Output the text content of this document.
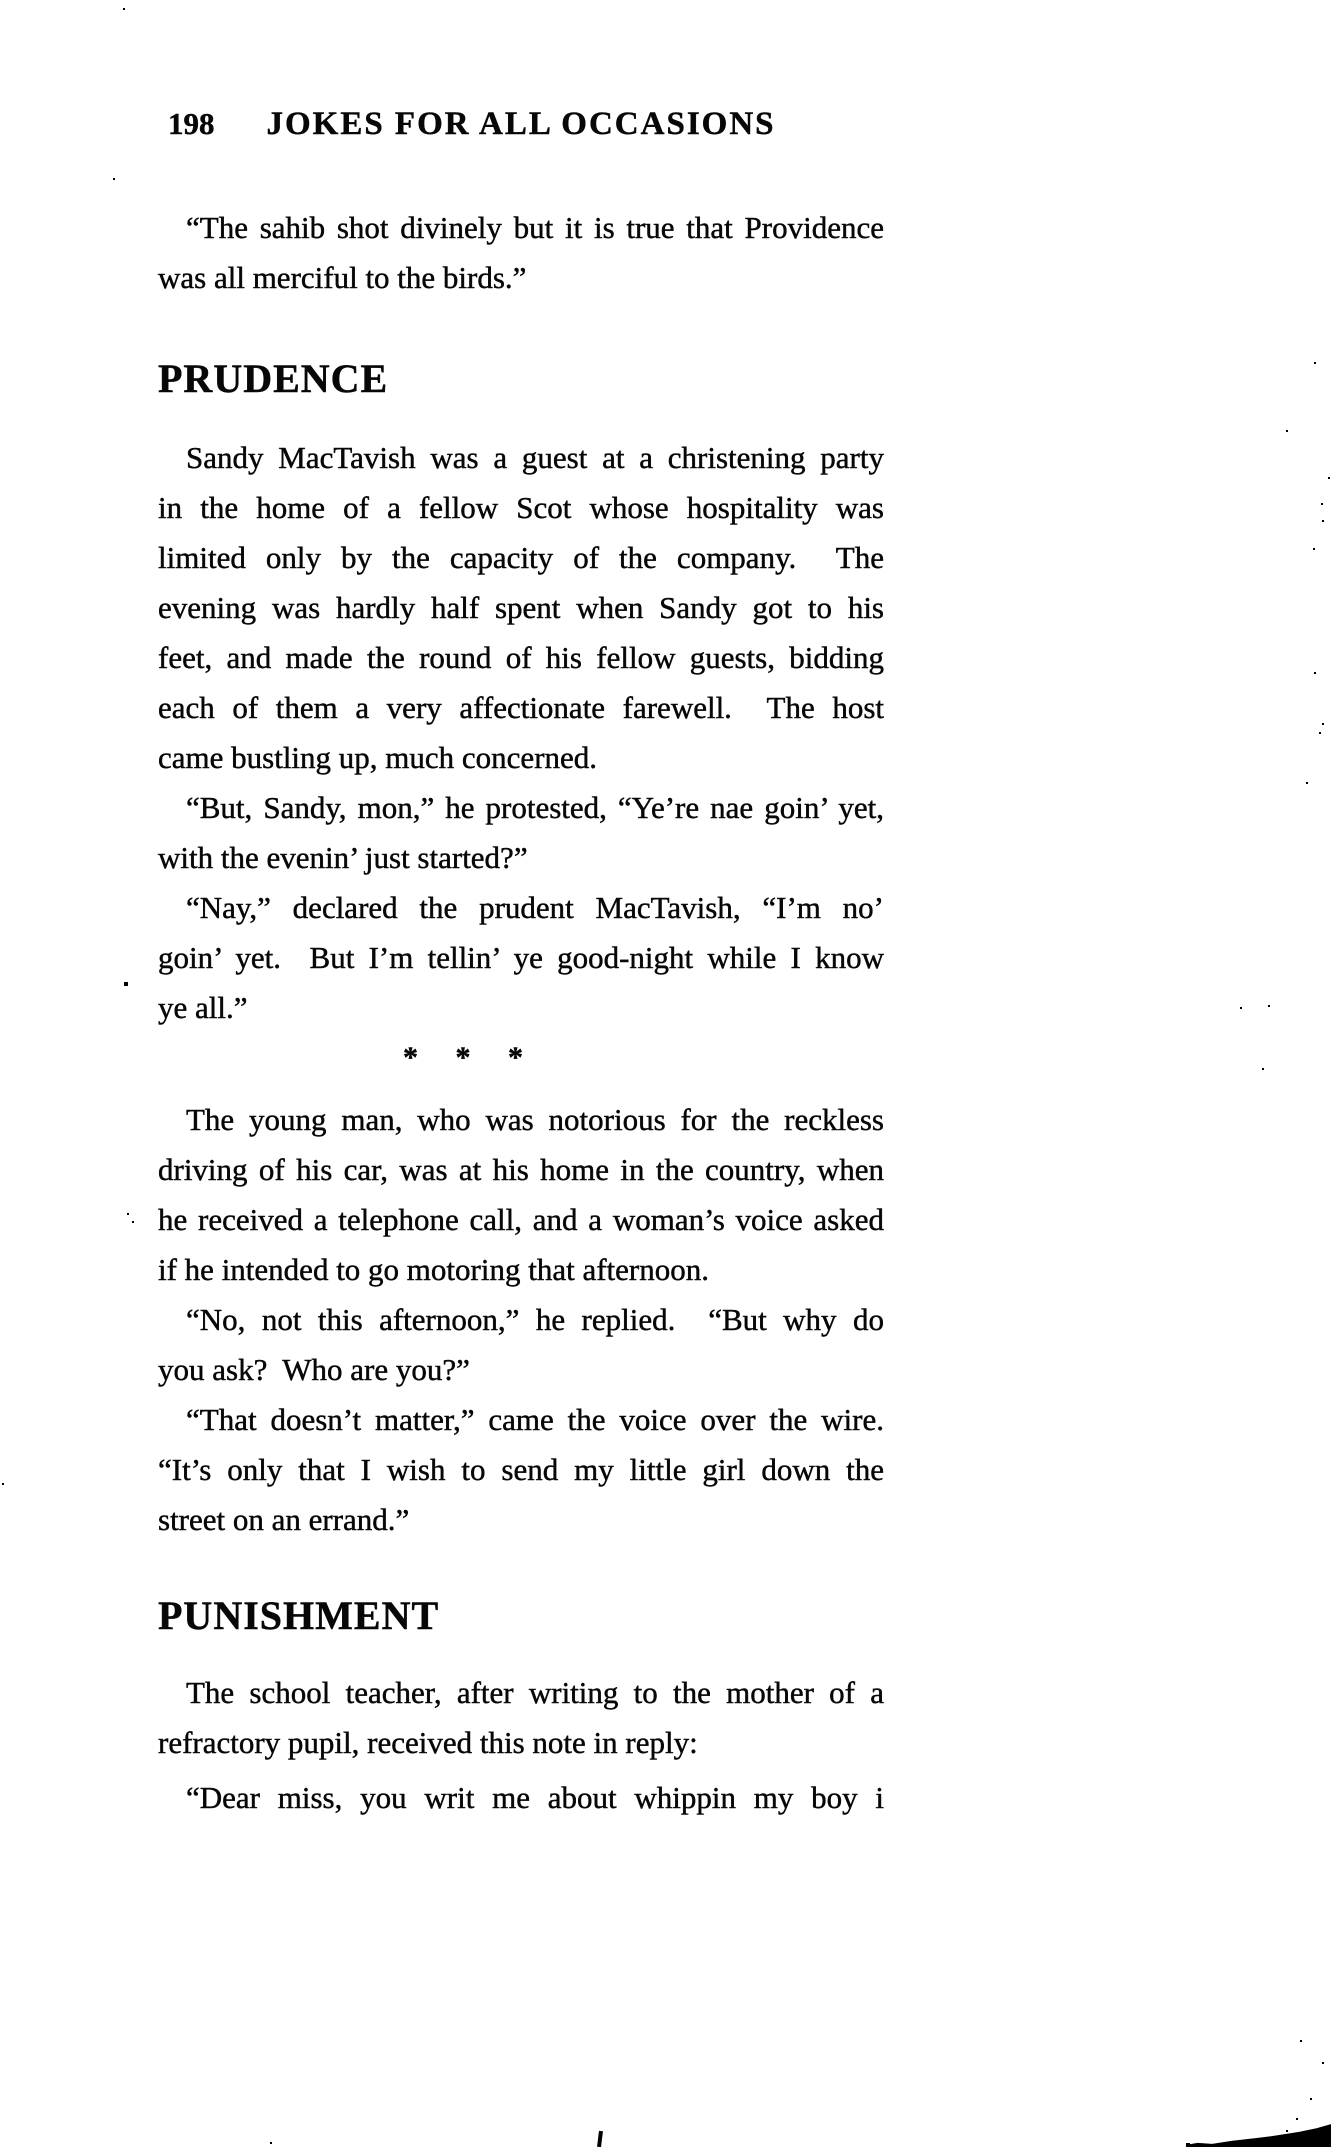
198	JOKES FOR ALL OCCASIONS
“The sahib shot divinely but it is true that Providence
was all merciful to the birds.”
PRUDENCE
Sandy MacTavish was a guest at a christening party
in the home of a fellow Scot whose hospitality was
limited only by the capacity of the company.  The
evening was hardly half spent when Sandy got to his
feet, and made the round of his fellow guests, bidding
each of them a very affectionate farewell.  The host
came bustling up, much concerned.
“But, Sandy, mon,” he protested, “Ye’re nae goin’ yet,
with the evenin’ just started?”
“Nay,” declared the prudent MacTavish, “I’m no’
goin’ yet.  But I’m tellin’ ye good-night while I know
ye all.”
* * *
The young man, who was notorious for the reckless
driving of his car, was at his home in the country, when
he received a telephone call, and a woman’s voice asked
if he intended to go motoring that afternoon.
“No, not this afternoon,” he replied.  “But why do
you ask?  Who are you?”
“That doesn’t matter,” came the voice over the wire.
“It’s only that I wish to send my little girl down the
street on an errand.”
PUNISHMENT
The school teacher, after writing to the mother of a
refractory pupil, received this note in reply:
“Dear miss, you writ me about whippin my boy i
